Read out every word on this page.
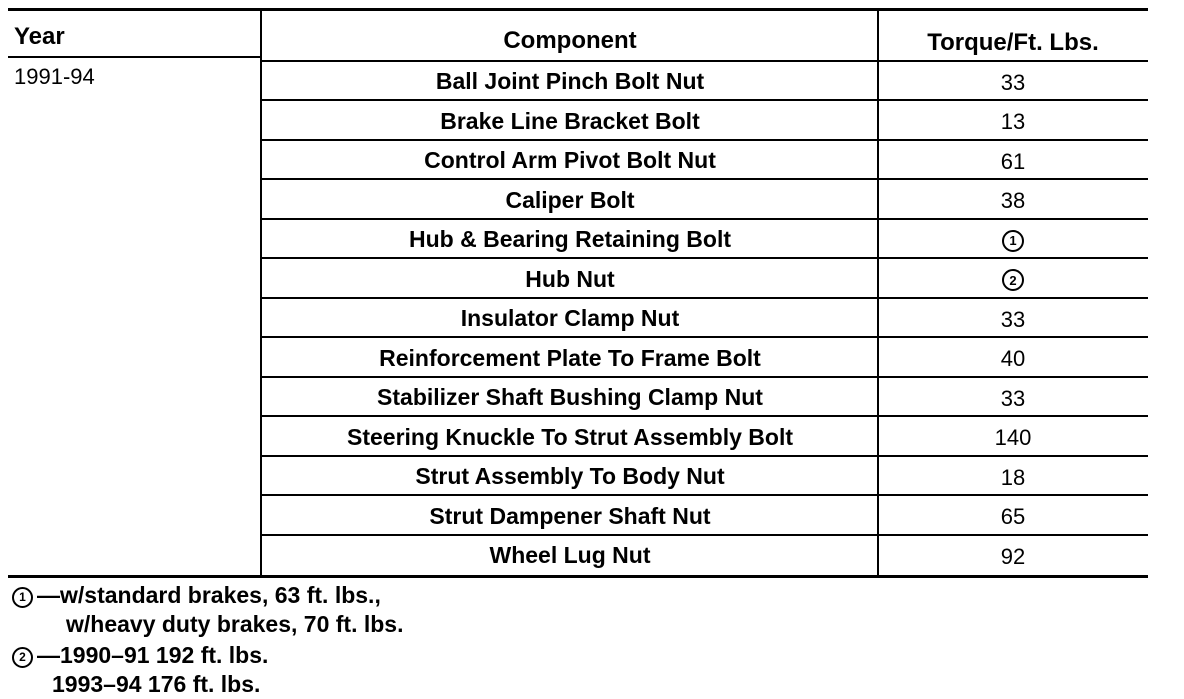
Year	Component	Torque/Ft. Lbs.
1991-94	Ball Joint Pinch Bolt Nut	33
Brake Line Bracket Bolt	13
Control Arm Pivot Bolt Nut	61
Caliper Bolt	38
Hub & Bearing Retaining Bolt	1
Hub Nut	2
Insulator Clamp Nut	33
Reinforcement Plate To Frame Bolt	40
Stabilizer Shaft Bushing Clamp Nut	33
Steering Knuckle To Strut Assembly Bolt	140
Strut Assembly To Body Nut	18
Strut Dampener Shaft Nut	65
Wheel Lug Nut	92
1 —w/standard brakes, 63 ft. lbs.,
w/heavy duty brakes, 70 ft. lbs.
2 —1990–91 192 ft. lbs.
1993–94 176 ft. lbs.
